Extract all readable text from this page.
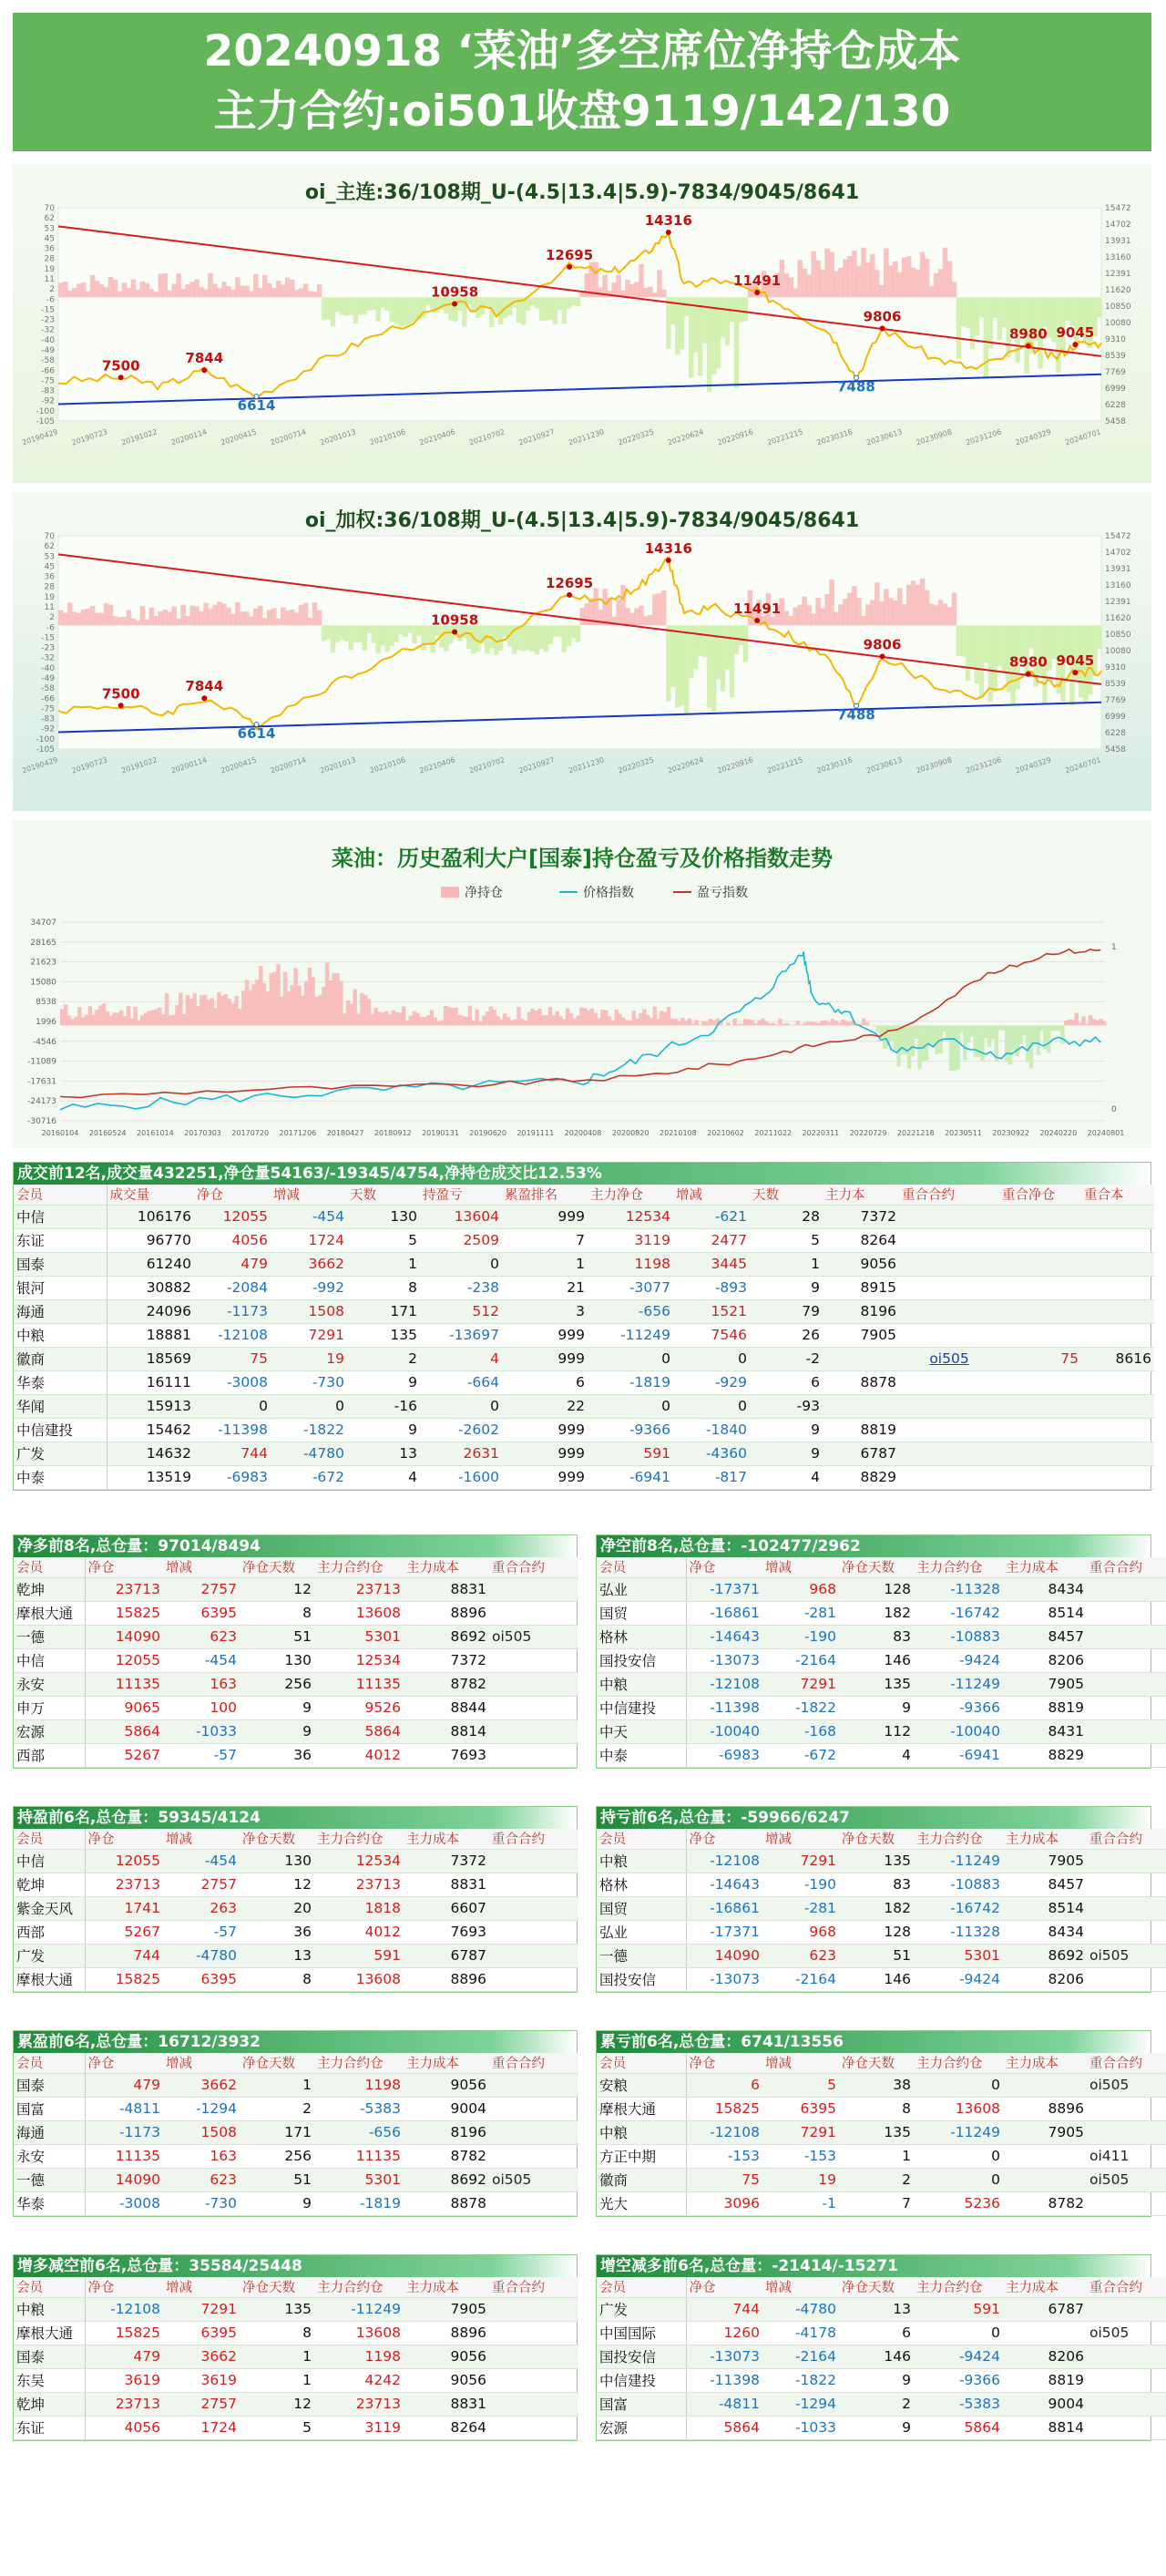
20240918 ‘菜油’多空席位净持仓成本
主力合约:oi501收盘9119/142/130
oi_主连:36/108期_U-(4.5|13.4|5.9)-7834/9045/8641
70
62
53
45
36
28
19
11
2
-6
-15
-23
-32
-40
-49
-58
-66
-75
-83
-92
-100
-105
15472
14702
13931
13160
12391
11620
10850
10080
9310
8539
7769
6999
6228
5458
20190429 20190723 20191022 20200114 20200415 20200714 20201013 20210106 20210406 20210702 20210927 20211230 20220325 20220624 20220916 20221215 20230316 20230613 20230908 20231206 20240329 20240701
7500	7844
6614
10958
12695
14316
11491
9806
7488
8980 9045
oi_加权:36/108期_U-(4.5|13.4|5.9)-7834/9045/8641
70
62
53
45
36
28
19
11
2
-6
-15
-23
-32
-40
-49
-58
-66
-75
-83
-92
-100
-105
15472
14702
13931
13160
12391
11620
10850
10080
9310
8539
7769
6999
6228
5458
20190429 20190723 20191022 20200114 20200415 20200714 20201013 20210106 20210406 20210702 20210927 20211230 20220325 20220624 20220916 20221215 20230316 20230613 20230908 20231206 20240329 20240701
7500	7844
6614
10958
12695
14316
11491
9806
7488
8980 9045
菜油：历史盈利大户[国泰]持仓盈亏及价格指数走势
净持仓	价格指数	盈亏指数
34707
28165
21623
15080
8538
1996
-4546
-11089
-17631
-24173
-30716
1
0
20160104 20160524 20161014 20170303 20170720 20171206 20180427 20180912 20190131 20190620 20191111 20200408 20200820 20210108 20210602 20211022 20220311 20220729 20221218 20230511 20230922 20240220 20240801
成交前12名,成交量432251,净仓量54163/-19345/4754,净持仓成交比12.53%
会员	成交量	净仓	增减	天数	持盈亏	累盈排名	主力净仓	增减	天数	主力本	重合合约	重合净仓	重合本
中信	106176	12055	-454	130	13604	999	12534	-621	28	7372			
东证	96770	4056	1724	5	2509	7	3119	2477	5	8264			
国泰	61240	479	3662	1	0	1	1198	3445	1	9056			
银河	30882	-2084	-992	8	-238	21	-3077	-893	9	8915			
海通	24096	-1173	1508	171	512	3	-656	1521	79	8196			
中粮	18881	-12108	7291	135	-13697	999	-11249	7546	26	7905			
徽商	18569	75	19	2	4	999	0	0	-2		oi505	75	8616
华泰	16111	-3008	-730	9	-664	6	-1819	-929	6	8878			
华闻	15913	0	0	-16	0	22	0	0	-93				
中信建投	15462	-11398	-1822	9	-2602	999	-9366	-1840	9	8819			
广发	14632	744	-4780	13	2631	999	591	-4360	9	6787			
中泰	13519	-6983	-672	4	-1600	999	-6941	-817	4	8829			
净多前8名,总仓量：97014/8494
会员	净仓	增减	净仓天数	主力合约仓	主力成本	重合合约
乾坤	23713	2757	12	23713	8831	
摩根大通	15825	6395	8	13608	8896	
一德	14090	623	51	5301	8692	oi505
中信	12055	-454	130	12534	7372	
永安	11135	163	256	11135	8782	
申万	9065	100	9	9526	8844	
宏源	5864	-1033	9	5864	8814	
西部	5267	-57	36	4012	7693	
净空前8名,总仓量：-102477/2962
会员	净仓	增减	净仓天数	主力合约仓	主力成本	重合合约
弘业	-17371	968	128	-11328	8434	
国贸	-16861	-281	182	-16742	8514	
格林	-14643	-190	83	-10883	8457	
国投安信	-13073	-2164	146	-9424	8206	
中粮	-12108	7291	135	-11249	7905	
中信建投	-11398	-1822	9	-9366	8819	
中天	-10040	-168	112	-10040	8431	
中泰	-6983	-672	4	-6941	8829	
持盈前6名,总仓量：59345/4124
会员	净仓	增减	净仓天数	主力合约仓	主力成本	重合合约
中信	12055	-454	130	12534	7372	
乾坤	23713	2757	12	23713	8831	
紫金天风	1741	263	20	1818	6607	
西部	5267	-57	36	4012	7693	
广发	744	-4780	13	591	6787	
摩根大通	15825	6395	8	13608	8896	
持亏前6名,总仓量：-59966/6247
会员	净仓	增减	净仓天数	主力合约仓	主力成本	重合合约
中粮	-12108	7291	135	-11249	7905	
格林	-14643	-190	83	-10883	8457	
国贸	-16861	-281	182	-16742	8514	
弘业	-17371	968	128	-11328	8434	
一德	14090	623	51	5301	8692	oi505
国投安信	-13073	-2164	146	-9424	8206	
累盈前6名,总仓量：16712/3932
会员	净仓	增减	净仓天数	主力合约仓	主力成本	重合合约
国泰	479	3662	1	1198	9056	
国富	-4811	-1294	2	-5383	9004	
海通	-1173	1508	171	-656	8196	
永安	11135	163	256	11135	8782	
一德	14090	623	51	5301	8692	oi505
华泰	-3008	-730	9	-1819	8878	
累亏前6名,总仓量：6741/13556
会员	净仓	增减	净仓天数	主力合约仓	主力成本	重合合约
安粮	6	5	38	0		oi505
摩根大通	15825	6395	8	13608	8896	
中粮	-12108	7291	135	-11249	7905	
方正中期	-153	-153	1	0		oi411
徽商	75	19	2	0		oi505
光大	3096	-1	7	5236	8782	
增多减空前6名,总仓量：35584/25448
会员	净仓	增减	净仓天数	主力合约仓	主力成本	重合合约
中粮	-12108	7291	135	-11249	7905	
摩根大通	15825	6395	8	13608	8896	
国泰	479	3662	1	1198	9056	
东吴	3619	3619	1	4242	9056	
乾坤	23713	2757	12	23713	8831	
东证	4056	1724	5	3119	8264	
增空减多前6名,总仓量：-21414/-15271
会员	净仓	增减	净仓天数	主力合约仓	主力成本	重合合约
广发	744	-4780	13	591	6787	
中国国际	1260	-4178	6	0		oi505
国投安信	-13073	-2164	146	-9424	8206	
中信建投	-11398	-1822	9	-9366	8819	
国富	-4811	-1294	2	-5383	9004	
宏源	5864	-1033	9	5864	8814	
